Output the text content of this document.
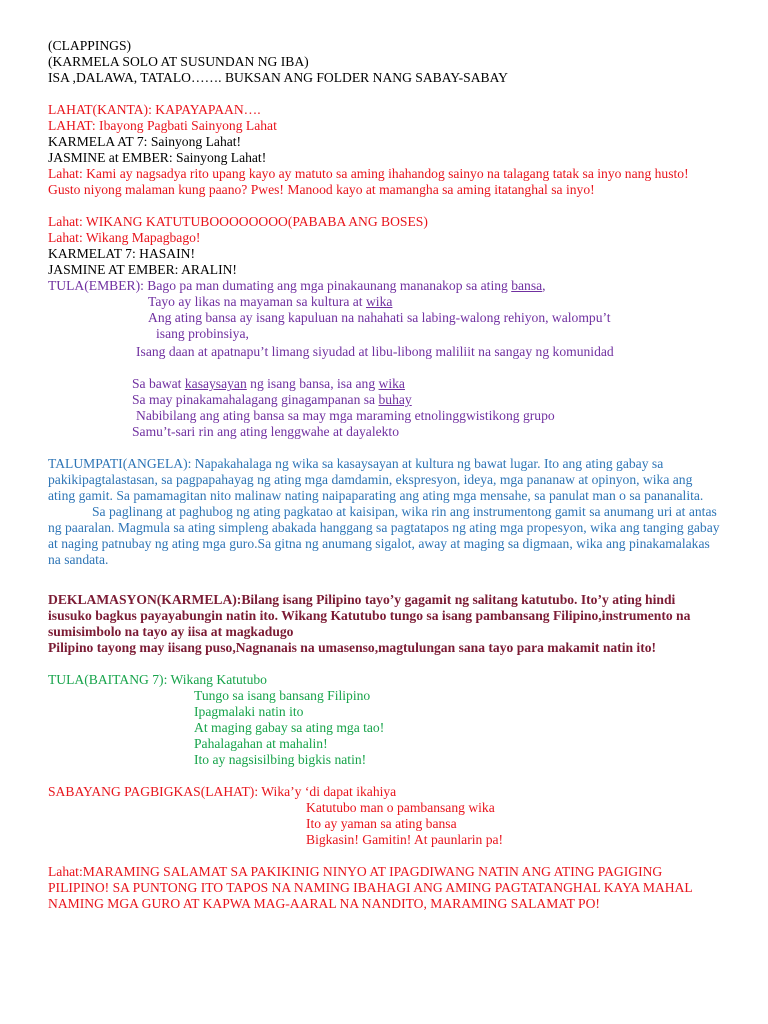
(CLAPPINGS)
(KARMELA SOLO AT SUSUNDAN NG IBA)
ISA ,DALAWA, TATALO……. BUKSAN ANG FOLDER NANG SABAY-SABAY
LAHAT(KANTA): KAPAYAPAAN….
LAHAT: Ibayong Pagbati Sainyong Lahat
KARMELA AT 7: Sainyong Lahat!
JASMINE at EMBER: Sainyong Lahat!

Lahat: Kami ay nagsadya rito upang kayo ay matuto sa aming ihahandog sainyo na talagang tatak sa inyo nang husto! Gusto niyong malaman kung paano? Pwes! Manood kayo at mamangha sa aming itatanghal sa inyo!

Lahat: WIKANG KATUTUBOOOOOOOO(PABABA ANG BOSES)
Lahat: Wikang Mapagbago!
KARMELAT 7: HASAIN!
JASMINE AT EMBER: ARALIN!
TULA(EMBER): Bago pa man dumating ang mga pinakaunang mananakop sa ating bansa,
Tayo ay likas na mayaman sa kultura at wika
Ang ating bansa ay isang kapuluan na nahahati sa labing-walong rehiyon, walompu’t
isang probinsiya,
Isang daan at apatnapu’t limang siyudad at libu-libong maliliit na sangay ng komunidad
Sa bawat kasaysayan ng isang bansa, isa ang wika
Sa may pinakamahalagang ginagampanan sa buhay
Nabibilang ang ating bansa sa may mga maraming etnolinggwistikong grupo
Samu’t-sari rin ang ating lenggwahe at dayalekto

TALUMPATI(ANGELA): Napakahalaga ng wika sa kasaysayan at kultura ng bawat lugar. Ito ang ating gabay sa pakikipagtalastasan, sa pagpapahayag ng ating mga damdamin, ekspresyon, ideya, mga pananaw at opinyon, wika ang ating gamit. Sa pamamagitan nito malinaw nating naipaparating ang ating mga mensahe, sa panulat man o sa pananalita.

Sa paglinang at paghubog ng ating pagkatao at kaisipan, wika rin ang instrumentong gamit sa anumang uri at antas ng paaralan. Magmula sa ating simpleng abakada hanggang sa pagtatapos ng ating mga propesyon, wika ang tanging gabay at naging patnubay ng ating mga guro.Sa gitna ng anumang sigalot, away at maging sa digmaan, wika ang pinakamalakas na sandata.

DEKLAMASYON(KARMELA):Bilang isang Pilipino tayo’y gagamit ng salitang katutubo. Ito’y ating hindi isusuko bagkus payayabungin natin ito. Wikang Katutubo tungo sa isang pambansang Filipino,instrumento na sumisimbolo na tayo ay iisa at magkadugo

Pilipino tayong may iisang puso,Nagnanais na umasenso,magtulungan sana tayo para makamit natin ito!

TULA(BAITANG 7): Wikang Katutubo
Tungo sa isang bansang Filipino
Ipagmalaki natin ito
At maging gabay sa ating mga tao!
Pahalagahan at mahalin!
Ito ay nagsisilbing bigkis natin!
SABAYANG PAGBIGKAS(LAHAT): Wika’y ‘di dapat ikahiya
Katutubo man o pambansang wika
Ito ay yaman sa ating bansa
Bigkasin! Gamitin! At paunlarin pa!

Lahat:MARAMING SALAMAT SA PAKIKINIG NINYO AT IPAGDIWANG NATIN ANG ATING PAGIGING PILIPINO! SA PUNTONG ITO TAPOS NA NAMING IBAHAGI ANG AMING PAGTATANGHAL KAYA MAHAL NAMING MGA GURO AT KAPWA MAG-AARAL NA NANDITO, MARAMING SALAMAT PO!
